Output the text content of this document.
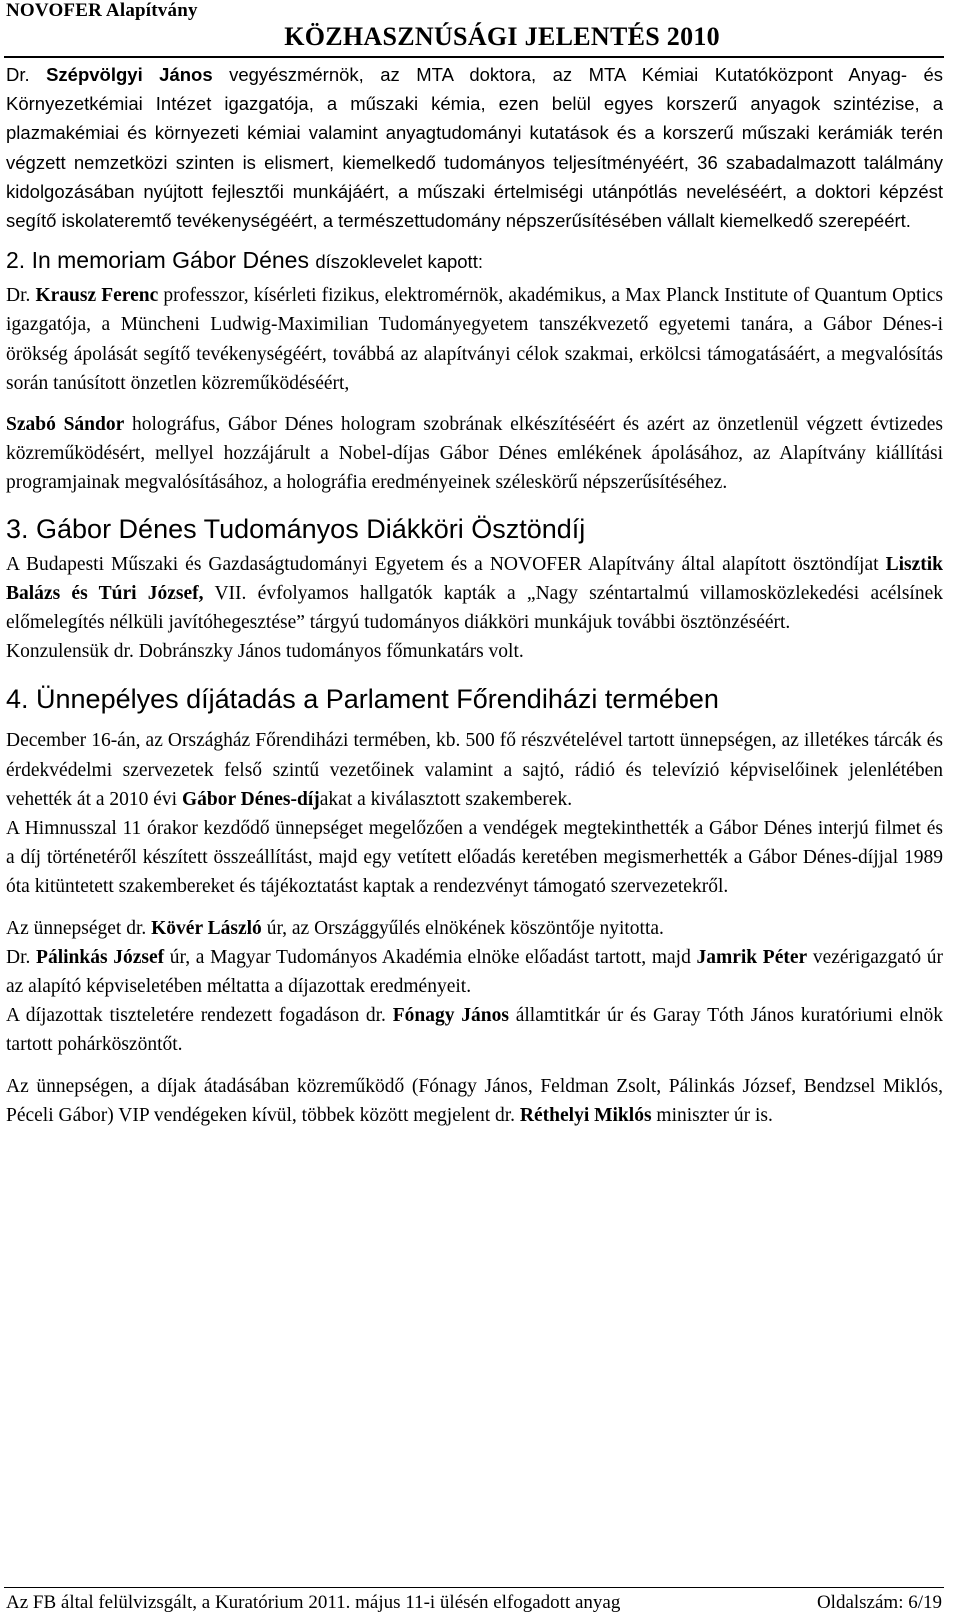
NOVOFER Alapítvány
KÖZHASZNÚSÁGI JELENTÉS 2010

Dr. Szépvölgyi János vegyészmérnök, az MTA doktora, az MTA Kémiai Kutatóközpont Anyag- és Környezetkémiai Intézet igazgatója, a műszaki kémia, ezen belül egyes korszerű anyagok szintézise, a plazmakémiai és környezeti kémiai valamint anyagtudományi kutatások és a korszerű műszaki kerámiák terén végzett nemzetközi szinten is elismert, kiemelkedő tudományos teljesítményéért, 36 szabadalmazott találmány kidolgozásában nyújtott fejlesztői munkájáért, a műszaki értelmiségi utánpótlás neveléséért, a doktori képzést segítő iskolateremtő tevékenységéért, a természettudomány népszerűsítésében vállalt kiemelkedő szerepéért.

2. In memoriam Gábor Dénes díszoklevelet kapott:

Dr. Krausz Ferenc professzor, kísérleti fizikus, elektromérnök, akadémikus, a Max Planck Institute of Quantum Optics igazgatója, a Müncheni Ludwig-Maximilian Tudományegyetem tanszékvezető egyetemi tanára, a Gábor Dénes-i örökség ápolását segítő tevékenységéért, továbbá az alapítványi célok szakmai, erkölcsi támogatásáért, a megvalósítás során tanúsított önzetlen közreműködéséért,

Szabó Sándor holográfus, Gábor Dénes hologram szobrának elkészítéséért és azért az önzetlenül végzett évtizedes közreműködésért, mellyel hozzájárult a Nobel-díjas Gábor Dénes emlékének ápolásához, az Alapítvány kiállítási programjainak megvalósításához, a holográfia eredményeinek széleskörű népszerűsítéséhez.

3. Gábor Dénes Tudományos Diákköri Ösztöndíj

A Budapesti Műszaki és Gazdaságtudományi Egyetem és a NOVOFER Alapítvány által alapított ösztöndíjat Lisztik Balázs és Túri József, VII. évfolyamos hallgatók kapták a „Nagy széntartalmú villamosközlekedési acélsínek előmelegítés nélküli javítóhegesztése” tárgyú tudományos diákköri munkájuk további ösztönzéséért.

Konzulensük dr. Dobránszky János tudományos főmunkatárs volt.

4. Ünnepélyes díjátadás a Parlament Főrendiházi termében

December 16-án, az Országház Főrendiházi termében, kb. 500 fő részvételével tartott ünnepségen, az illetékes tárcák és érdekvédelmi szervezetek felső szintű vezetőinek valamint a sajtó, rádió és televízió képviselőinek jelenlétében vehették át a 2010 évi Gábor Dénes-díjakat a kiválasztott szakemberek.

A Himnusszal 11 órakor kezdődő ünnepséget megelőzően a vendégek megtekinthették a Gábor Dénes interjú filmet és a díj történetéről készített összeállítást, majd egy vetített előadás keretében megismerhették a Gábor Dénes-díjjal 1989 óta kitüntetett szakembereket és tájékoztatást kaptak a rendezvényt támogató szervezetekről.

Az ünnepséget dr. Kövér László úr, az Országgyűlés elnökének köszöntője nyitotta.

Dr. Pálinkás József úr, a Magyar Tudományos Akadémia elnöke előadást tartott, majd Jamrik Péter vezérigazgató úr az alapító képviseletében méltatta a díjazottak eredményeit.

A díjazottak tiszteletére rendezett fogadáson dr. Fónagy János államtitkár úr és Garay Tóth János kuratóriumi elnök tartott pohárköszöntőt.

Az ünnepségen, a díjak átadásában közreműködő (Fónagy János, Feldman Zsolt, Pálinkás József, Bendzsel Miklós, Péceli Gábor) VIP vendégeken kívül, többek között megjelent dr. Réthelyi Miklós miniszter úr is.

Az FB által felülvizsgált, a Kuratórium 2011. május 11-i ülésén elfogadott anyag	Oldalszám: 6/19
